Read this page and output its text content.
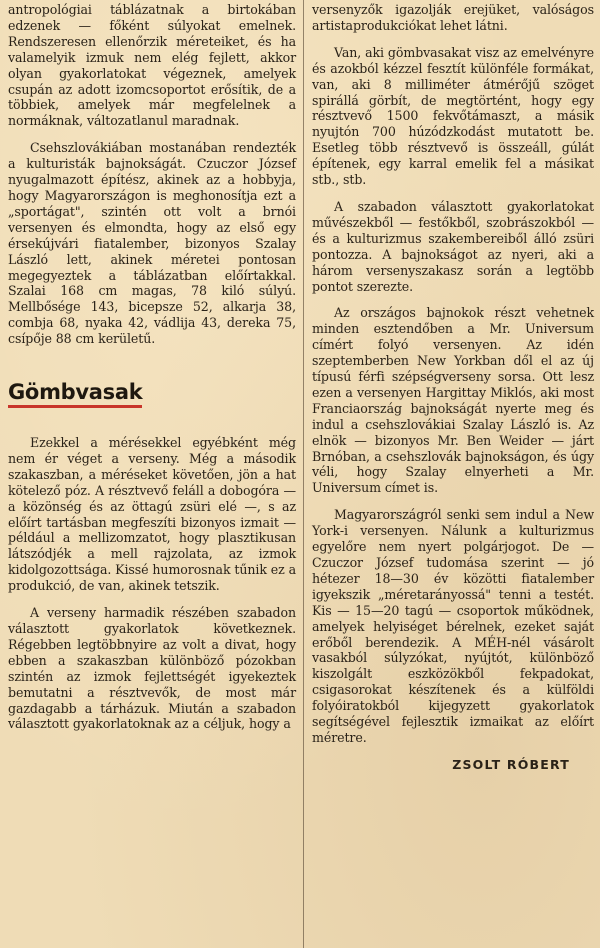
antropológiai táblázatnak a birtokában edzenek — főként súlyokat emelnek. Rendszeresen ellenőrzik méreteiket, és ha valamelyik izmuk nem elég fejlett, akkor olyan gyakorlatokat végeznek, amelyek csupán az adott izomcsoportot erősítik, de a többiek, amelyek már megfelelnek a normáknak, változatlanul maradnak.

Csehszlovákiában mostanában rendezték a kulturisták bajnokságát. Czuczor József nyugalmazott építész, akinek az a hobbyja, hogy Magyarországon is meghonosítja ezt a „sportágat", szintén ott volt a brnói versenyen és elmondta, hogy az első egy érsekújvári fiatalember, bizonyos Szalay László lett, akinek méretei pontosan megegyeztek a táblázatban előírtakkal. Szalai 168 cm magas, 78 kiló súlyú. Mellbősége 143, bicepsze 52, alkarja 38, combja 68, nyaka 42, vádlija 43, dereka 75, csípője 88 cm kerületű.

Gömbvasak

Ezekkel a mérésekkel egyébként még nem ér véget a verseny. Még a második szakaszban, a méréseket követően, jön a hat kötelező póz. A résztvevő feláll a dobogóra — a közönség és az öttagú zsüri elé —, s az előírt tartásban megfeszíti bizonyos izmait — például a mellizomzatot, hogy plasztikusan látszódjék a mell rajzolata, az izmok kidolgozottsága. Kissé humorosnak tűnik ez a produkció, de van, akinek tetszik.

A verseny harmadik részében szabadon választott gyakorlatok következnek. Régebben legtöbbnyire az volt a divat, hogy ebben a szakaszban különböző pózokban szintén az izmok fejlettségét igyekeztek bemutatni a résztvevők, de most már gazdagabb a tárházuk. Miután a szabadon választott gyakorlatoknak az a céljuk, hogy a

versenyzők igazolják erejüket, valóságos artistaprodukciókat lehet látni.

Van, aki gömbvasakat visz az emelvényre és azokból kézzel fesztít különféle formákat, van, aki 8 milliméter átmérőjű szöget spirállá görbít, de megtörtént, hogy egy résztvevő 1500 fekvőtámaszt, a másik nyujtón 700 húzódzkodást mutatott be. Esetleg több résztvevő is összeáll, gúlát építenek, egy karral emelik fel a másikat stb., stb.

A szabadon választott gyakorlatokat művészekből — festőkből, szobrászokból — és a kulturizmus szakembereiből álló zsüri pontozza. A bajnokságot az nyeri, aki a három versenyszakasz során a legtöbb pontot szerezte.

Az országos bajnokok részt vehetnek minden esztendőben a Mr. Universum címért folyó versenyen. Az idén szeptemberben New Yorkban dől el az új típusú férfi szépségverseny sorsa. Ott lesz ezen a versenyen Hargittay Miklós, aki most Franciaország bajnokságát nyerte meg és indul a csehszlovákiai Szalay László is. Az elnök — bizonyos Mr. Ben Weider — járt Brnóban, a csehszlovák bajnokságon, és úgy véli, hogy Szalay elnyerheti a Mr. Universum címet is.

Magyarországról senki sem indul a New York-i versenyen. Nálunk a kulturizmus egyelőre nem nyert polgárjogot. De — Czuczor József tudomása szerint — jó hétezer 18—30 év közötti fiatalember igyekszik „méretarányossá" tenni a testét. Kis — 15—20 tagú — csoportok működnek, amelyek helyiséget bérelnek, ezeket saját erőből berendezik. A MÉH-nél vásárolt vasakból súlyzókat, nyújtót, különböző kiszolgált eszközökből fekpadokat, csigasorokat készítenek és a külföldi folyóiratokból kijegyzett gyakorlatok segítségével fejlesztik izmaikat az előírt méretre.

ZSOLT RÓBERT
